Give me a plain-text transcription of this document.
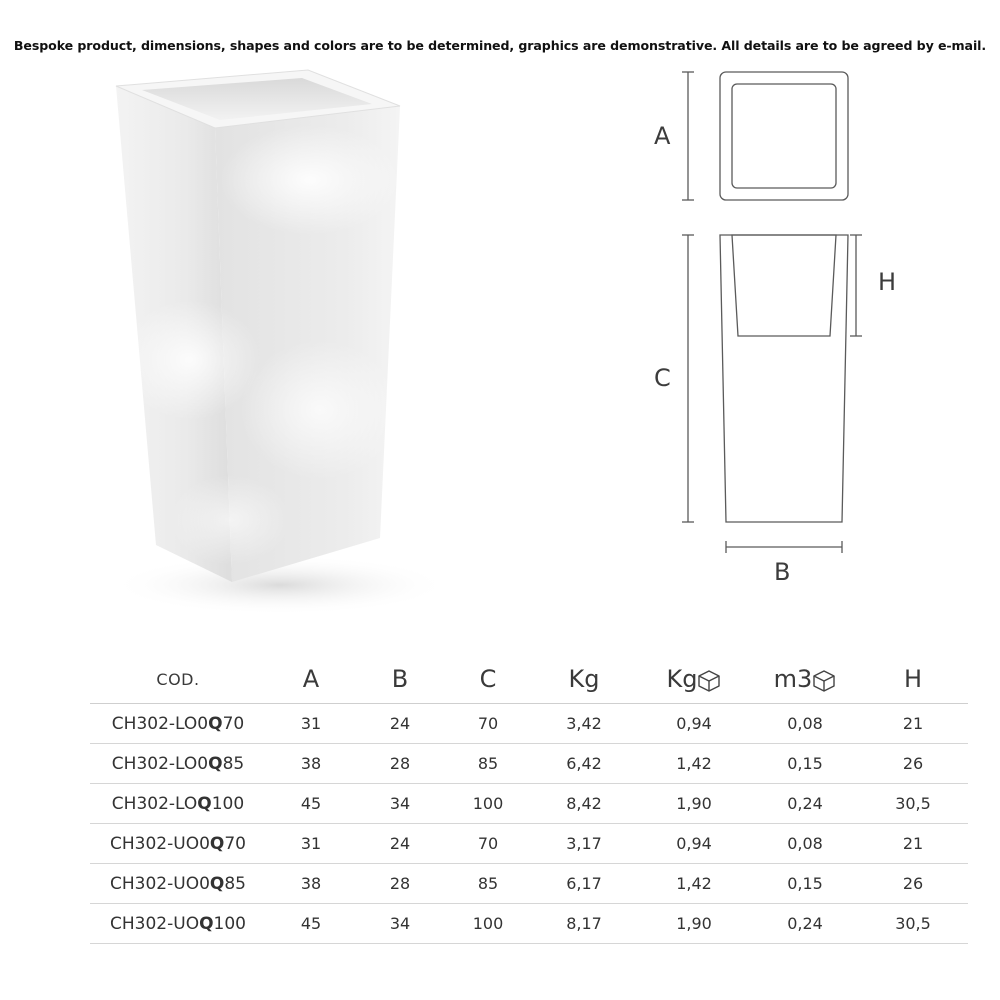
Bespoke product, dimensions, shapes and colors are to be determined, graphics are demonstrative. All details are to be agreed by e-mail.
A
C
H
B
COD.	A	B	C	Kg	Kg	m3	H
CH302-LO0Q70	31	24	70	3,42	0,94	0,08	21
CH302-LO0Q85	38	28	85	6,42	1,42	0,15	26
CH302-LOQ100	45	34	100	8,42	1,90	0,24	30,5
CH302-UO0Q70	31	24	70	3,17	0,94	0,08	21
CH302-UO0Q85	38	28	85	6,17	1,42	0,15	26
CH302-UOQ100	45	34	100	8,17	1,90	0,24	30,5
